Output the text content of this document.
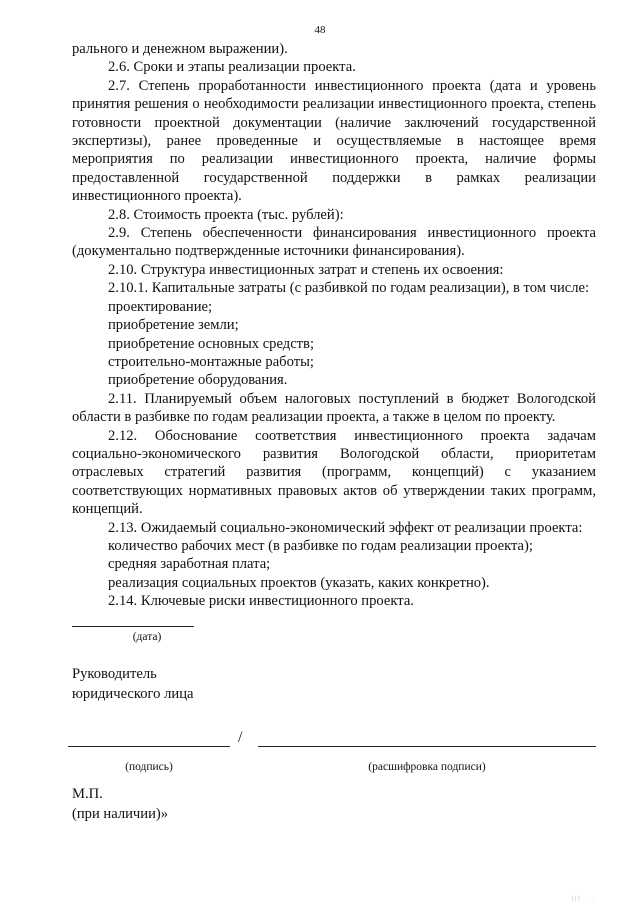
48

рального и денежном выражении).

2.6. Сроки и этапы реализации проекта.

2.7. Степень проработанности инвестиционного проекта (дата и уровень принятия решения о необходимости реализации инвестиционного проекта, степень готовности проектной документации (наличие заключений государственной экспертизы), ранее проведенные и осуществляемые в настоящее время мероприятия по реализации инвестиционного проекта, наличие формы предоставленной государственной поддержки в рамках реализации инвестиционного проекта).

2.8. Стоимость проекта (тыс. рублей):

2.9. Степень обеспеченности финансирования инвестиционного проекта (документально подтвержденные источники финансирования).

2.10. Структура инвестиционных затрат и степень их освоения:

2.10.1. Капитальные затраты (с разбивкой по годам реализации), в том числе:

проектирование;

приобретение земли;

приобретение основных средств;

строительно-монтажные работы;

приобретение оборудования.

2.11. Планируемый объем налоговых поступлений в бюджет Вологодской области в разбивке по годам реализации проекта, а также в целом по проекту.

2.12. Обоснование соответствия инвестиционного проекта задачам социально-экономического развития Вологодской области, приоритетам отраслевых стратегий развития (программ, концепций) с указанием соответствующих нормативных правовых актов об утверждении таких программ, концепций.

2.13. Ожидаемый социально-экономический эффект от реализации проекта:

количество рабочих мест (в разбивке по годам реализации проекта);

средняя заработная плата;

реализация социальных проектов (указать, каких конкретно).

2.14. Ключевые риски инвестиционного проекта.

(дата)
Руководитель
юридического лица
/
(подпись)	(расшифровка подписи)
М.П.
(при наличии)»
||| · ·
